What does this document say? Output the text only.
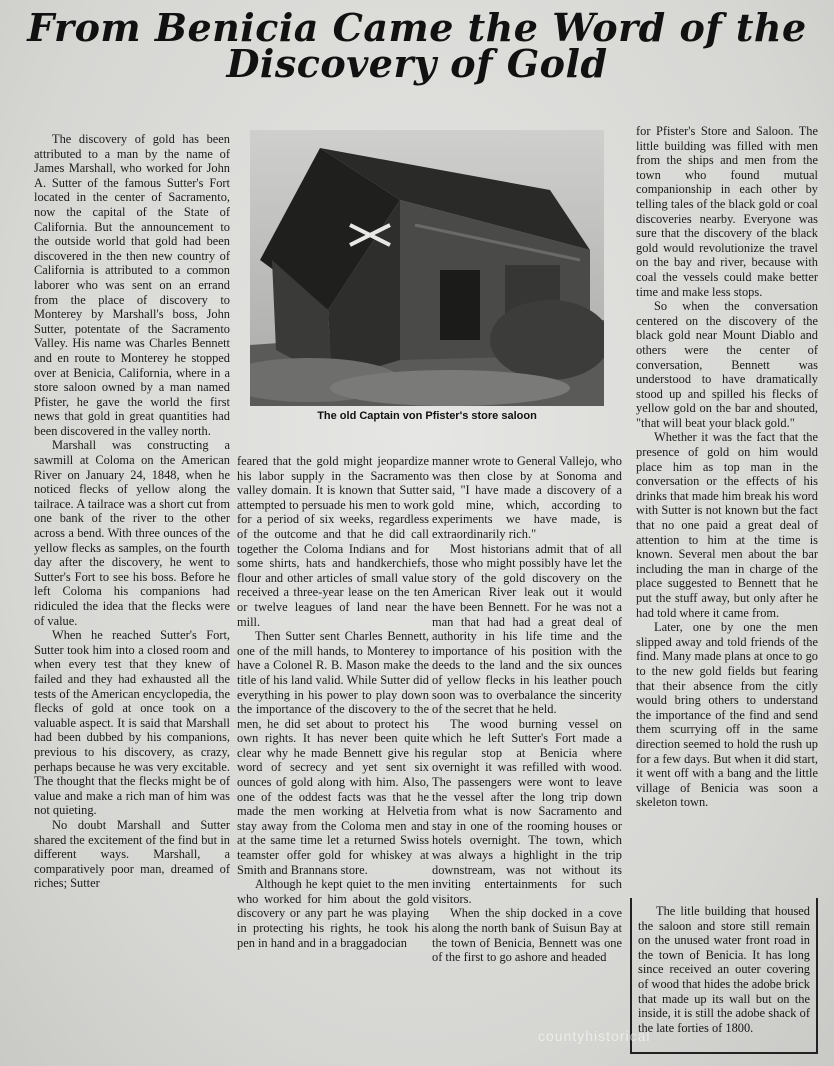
From Benicia Came the Word of the
Discovery of Gold

The discovery of gold has been attributed to a man by the name of James Marshall, who worked for John A. Sutter of the famous Sutter's Fort located in the center of Sacramento, now the capital of the State of California. But the announcement to the outside world that gold had been discovered in the then new country of California is attributed to a common laborer who was sent on an errand from the place of discovery to Monterey by Marshall's boss, John Sutter, potentate of the Sacramento Valley. His name was Charles Bennett and en route to Monterey he stopped over at Benicia, California, where in a store saloon owned by a man named Pfister, he gave the world the first news that gold in great quantities had been discovered in the valley north.

Marshall was constructing a sawmill at Coloma on the American River on January 24, 1848, when he noticed flecks of yellow along the tailrace. A tailrace was a short cut from one bank of the river to the other across a bend. With three ounces of the yellow flecks as samples, on the fourth day after the discovery, he went to Sutter's Fort to see his boss. Before he left Coloma his companions had ridiculed the idea that the flecks were of value.

When he reached Sutter's Fort, Sutter took him into a closed room and when every test that they knew of failed and they had exhausted all the tests of the American encyclopedia, the flecks of gold at once took on a valuable aspect. It is said that Marshall had been dubbed by his companions, previous to his discovery, as crazy, perhaps because he was very excitable. The thought that the flecks might be of value and make a rich man of him was not quieting.

No doubt Marshall and Sutter shared the excitement of the find but in different ways. Marshall, a comparatively poor man, dreamed of riches; Sutter

The old Captain von Pfister's store saloon

feared that the gold might jeopardize his labor supply in the Sacramento valley domain. It is known that Sutter attempted to persuade his men to work for a period of six weeks, regardless of the outcome and that he did call together the Coloma Indians and for some shirts, hats and handkerchiefs, flour and other articles of small value received a three-year lease on the ten or twelve leagues of land near the mill.

Then Sutter sent Charles Bennett, one of the mill hands, to Monterey to have a Colonel R. B. Mason make the title of his land valid. While Sutter did everything in his power to play down the importance of the discovery to the men, he did set about to protect his own rights. It has never been quite clear why he made Bennett give his word of secrecy and yet sent six ounces of gold along with him. Also, one of the oddest facts was that he made the men working at Helvetia stay away from the Coloma men and at the same time let a returned Swiss teamster offer gold for whiskey at Smith and Brannans store.

Although he kept quiet to the men who worked for him about the gold discovery or any part he was playing in protecting his rights, he took his pen in hand and in a braggadocian

manner wrote to General Vallejo, who was then close by at Sonoma and said, "I have made a discovery of a gold mine, which, according to experiments we have made, is extraordinarily rich."

Most historians admit that of all those who might possibly have let the story of the gold discovery on the American River leak out it would have been Bennett. For he was not a man that had had a great deal of authority in his life time and the importance of his position with the deeds to the land and the six ounces of yellow flecks in his leather pouch soon was to overbalance the sincerity of the secret that he held.

The wood burning vessel on which he left Sutter's Fort made a regular stop at Benicia where overnight it was refilled with wood. The passengers were wont to leave the vessel after the long trip down from what is now Sacramento and stay in one of the rooming houses or hotels overnight. The town, which was always a highlight in the trip downstream, was not without its inviting entertainments for such visitors.

When the ship docked in a cove along the north bank of Suisun Bay at the town of Benicia, Bennett was one of the first to go ashore and headed

for Pfister's Store and Saloon. The little building was filled with men from the ships and men from the town who found mutual companionship in each other by telling tales of the black gold or coal discoveries nearby. Everyone was sure that the discovery of the black gold would revolutionize the travel on the bay and river, because with coal the vessels could make better time and make less stops.

So when the conversation centered on the discovery of the black gold near Mount Diablo and others were the center of conversation, Bennett was understood to have dramatically stood up and spilled his flecks of yellow gold on the bar and shouted, "that will beat your black gold."

Whether it was the fact that the presence of gold on him would place him as top man in the conversation or the effects of his drinks that made him break his word with Sutter is not known but the fact that no one paid a great deal of attention to him at the time is known. Several men about the bar including the man in charge of the place suggested to Bennett that he put the stuff away, but only after he had told where it came from.

Later, one by one the men slipped away and told friends of the find. Many made plans at once to go to the new gold fields but fearing that their absence from the citly would bring others to understand the importance of the find and send them scurrying off in the same direction seemed to hold the rush up for a few days. But when it did start, it went off with a bang and the little village of Benicia was soon a skeleton town.

The litle building that housed the saloon and store still remain on the unused water front road in the town of Benicia. It has long since received an outer covering of wood that hides the adobe brick that made up its wall but on the inside, it is still the adobe shack of the late forties of 1800.

countyhistorical
